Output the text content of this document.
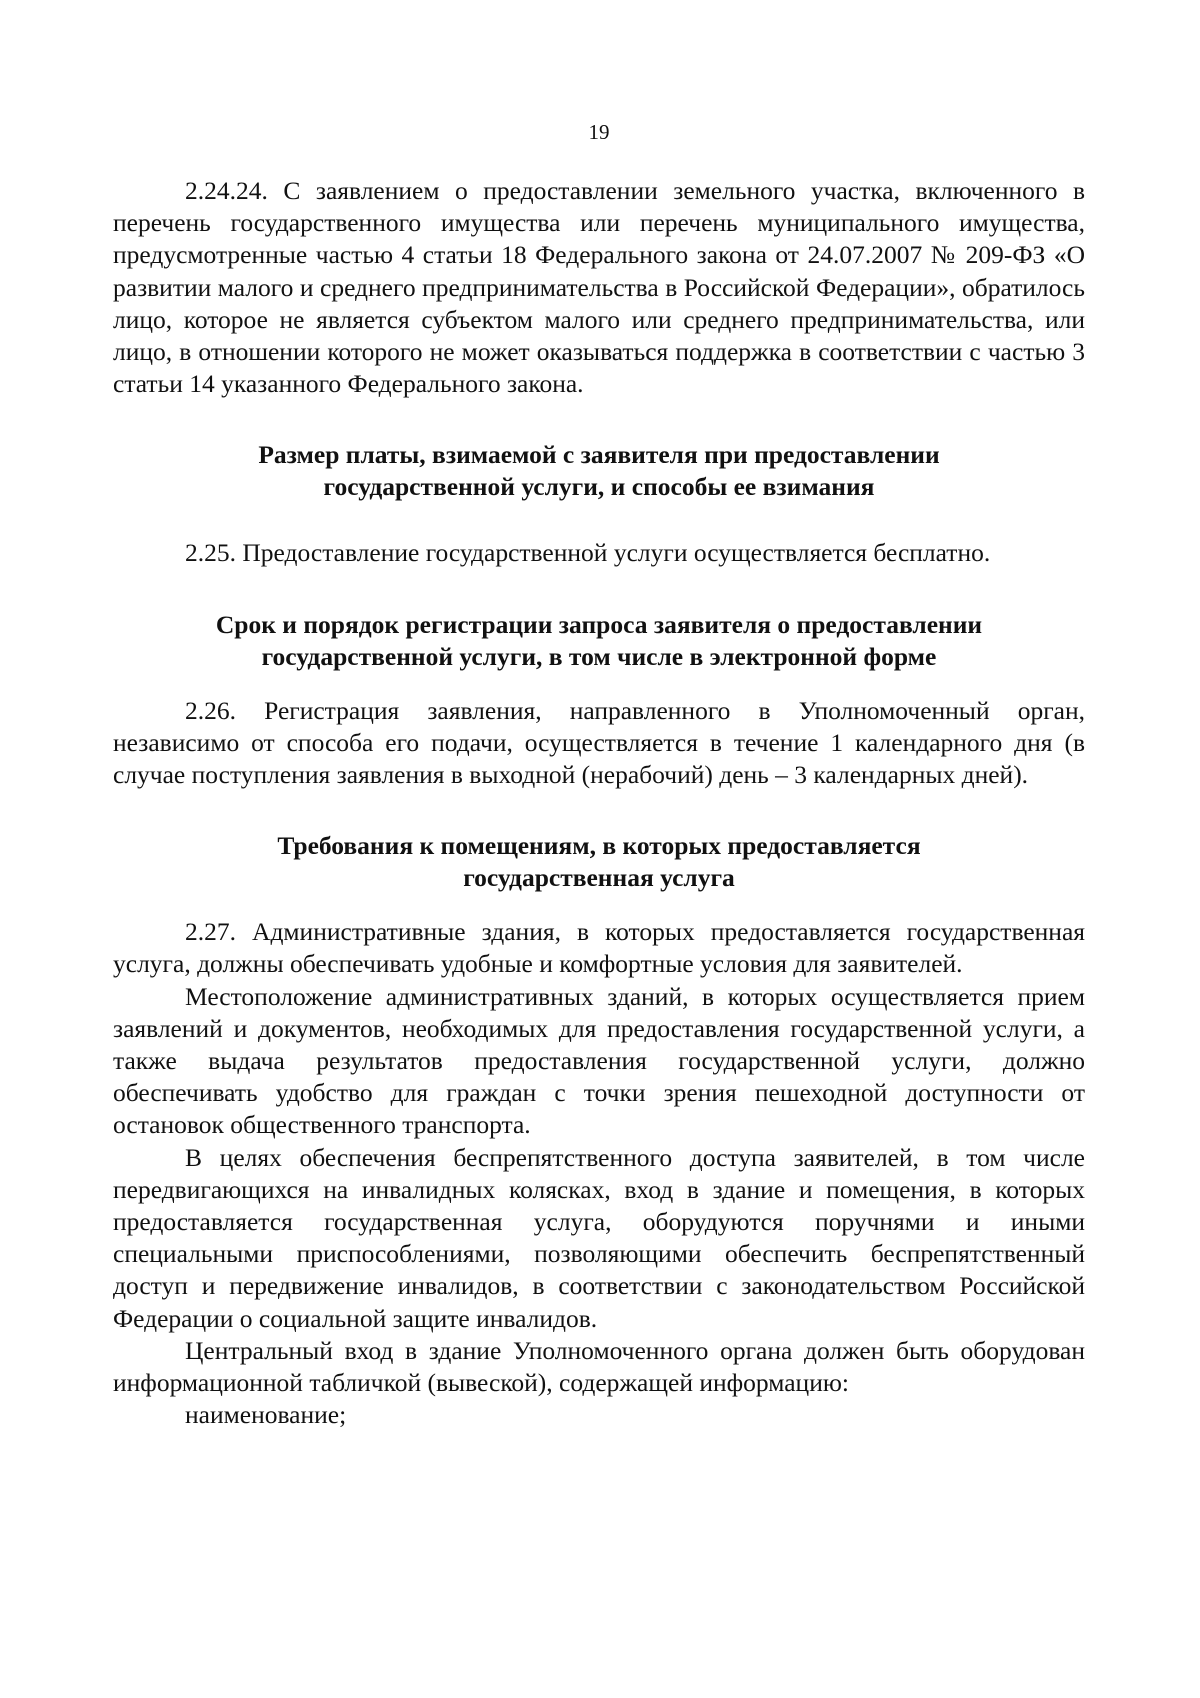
19

2.24.24. С заявлением о предоставлении земельного участка, включенного в перечень государственного имущества или перечень муниципального имущества, предусмотренные частью 4 статьи 18 Федерального закона от 24.07.2007 № 209-ФЗ «О развитии малого и среднего предпринимательства в Российской Федерации», обратилось лицо, которое не является субъектом малого или среднего предпринимательства, или лицо, в отношении которого не может оказываться поддержка в соответствии с частью 3 статьи 14 указанного Федерального закона.

Размер платы, взимаемой с заявителя при предоставлении
государственной услуги, и способы ее взимания

2.25. Предоставление государственной услуги осуществляется бесплатно.

Срок и порядок регистрации запроса заявителя о предоставлении
государственной услуги, в том числе в электронной форме

2.26. Регистрация заявления, направленного в Уполномоченный орган, независимо от способа его подачи, осуществляется в течение 1 календарного дня (в случае поступления заявления в выходной (нерабочий) день – 3 календарных дней).

Требования к помещениям, в которых предоставляется
государственная услуга

2.27. Административные здания, в которых предоставляется государственная услуга, должны обеспечивать удобные и комфортные условия для заявителей.

Местоположение административных зданий, в которых осуществляется прием заявлений и документов, необходимых для предоставления государственной услуги, а также выдача результатов предоставления государственной услуги, должно обеспечивать удобство для граждан с точки зрения пешеходной доступности от остановок общественного транспорта.

В целях обеспечения беспрепятственного доступа заявителей, в том числе передвигающихся на инвалидных колясках, вход в здание и помещения, в которых предоставляется государственная услуга, оборудуются поручнями и иными специальными приспособлениями, позволяющими обеспечить беспрепятственный доступ и передвижение инвалидов, в соответствии с законодательством Российской Федерации о социальной защите инвалидов.

Центральный вход в здание Уполномоченного органа должен быть оборудован информационной табличкой (вывеской), содержащей информацию:

наименование;
